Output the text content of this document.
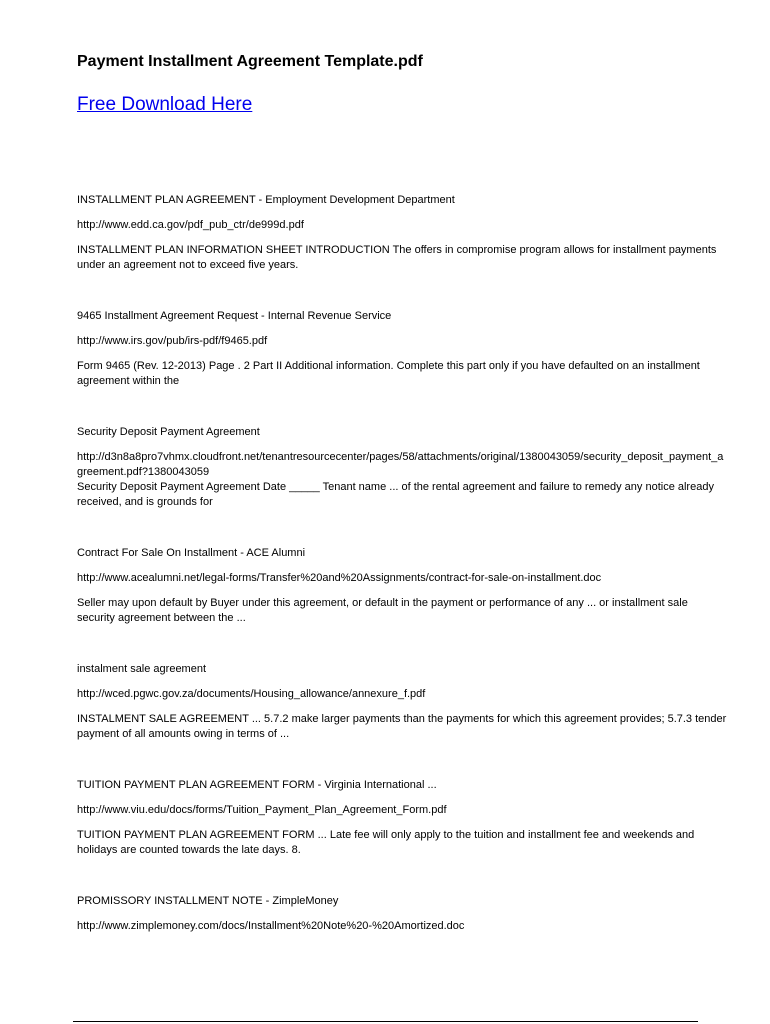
Payment Installment Agreement Template.pdf
Free Download Here

INSTALLMENT PLAN AGREEMENT - Employment Development Department

http://www.edd.ca.gov/pdf_pub_ctr/de999d.pdf

INSTALLMENT PLAN INFORMATION SHEET INTRODUCTION The offers in compromise program allows for installment payments under an agreement not to exceed five years.

9465 Installment Agreement Request - Internal Revenue Service

http://www.irs.gov/pub/irs-pdf/f9465.pdf

Form 9465 (Rev. 12-2013) Page . 2 Part II Additional information. Complete this part only if you have defaulted on an installment agreement within the

Security Deposit Payment Agreement

http://d3n8a8pro7vhmx.cloudfront.net/tenantresourcecenter/pages/58/attachments/original/1380043059/security_deposit_payment_agreement.pdf?1380043059

Security Deposit Payment Agreement Date _____ Tenant name ... of the rental agreement and failure to remedy any notice already received, and is grounds for

Contract For Sale On Installment - ACE Alumni

http://www.acealumni.net/legal-forms/Transfer%20and%20Assignments/contract-for-sale-on-installment.doc

Seller may upon default by Buyer under this agreement, or default in the payment or performance of any ... or installment sale security agreement between the ...

instalment sale agreement

http://wced.pgwc.gov.za/documents/Housing_allowance/annexure_f.pdf

INSTALMENT SALE AGREEMENT ... 5.7.2 make larger payments than the payments for which this agreement provides; 5.7.3 tender payment of all amounts owing in terms of ...

TUITION PAYMENT PLAN AGREEMENT FORM - Virginia International ...

http://www.viu.edu/docs/forms/Tuition_Payment_Plan_Agreement_Form.pdf

TUITION PAYMENT PLAN AGREEMENT FORM ... Late fee will only apply to the tuition and installment fee and weekends and holidays are counted towards the late days. 8.

PROMISSORY INSTALLMENT NOTE - ZimpleMoney

http://www.zimplemoney.com/docs/Installment%20Note%20-%20Amortized.doc
